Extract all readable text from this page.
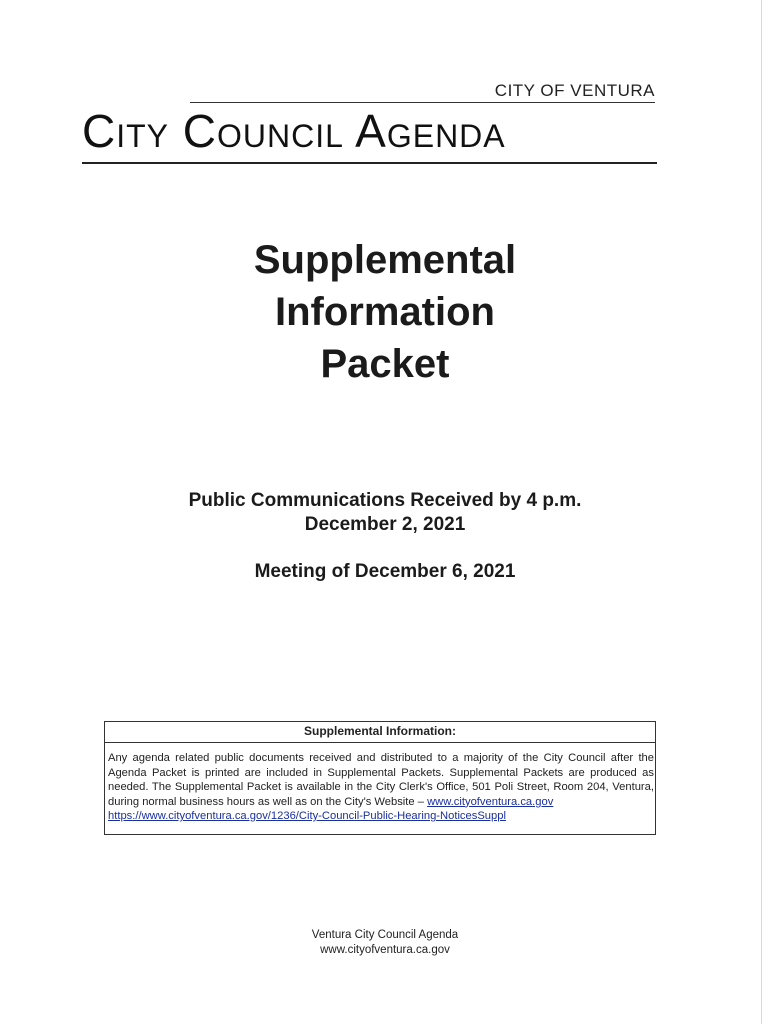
CITY OF VENTURA
City Council Agenda
Supplemental
Information
Packet
Public Communications Received by 4 p.m.
December 2, 2021
Meeting of December 6, 2021
Supplemental Information:
Any agenda related public documents received and distributed to a majority of the City Council after the Agenda Packet is printed are included in Supplemental Packets. Supplemental Packets are produced as needed. The Supplemental Packet is available in the City Clerk's Office, 501 Poli Street, Room 204, Ventura, during normal business hours as well as on the City's Website – www.cityofventura.ca.gov
https://www.cityofventura.ca.gov/1236/City-Council-Public-Hearing-NoticesSuppl
Ventura City Council Agenda
www.cityofventura.ca.gov
